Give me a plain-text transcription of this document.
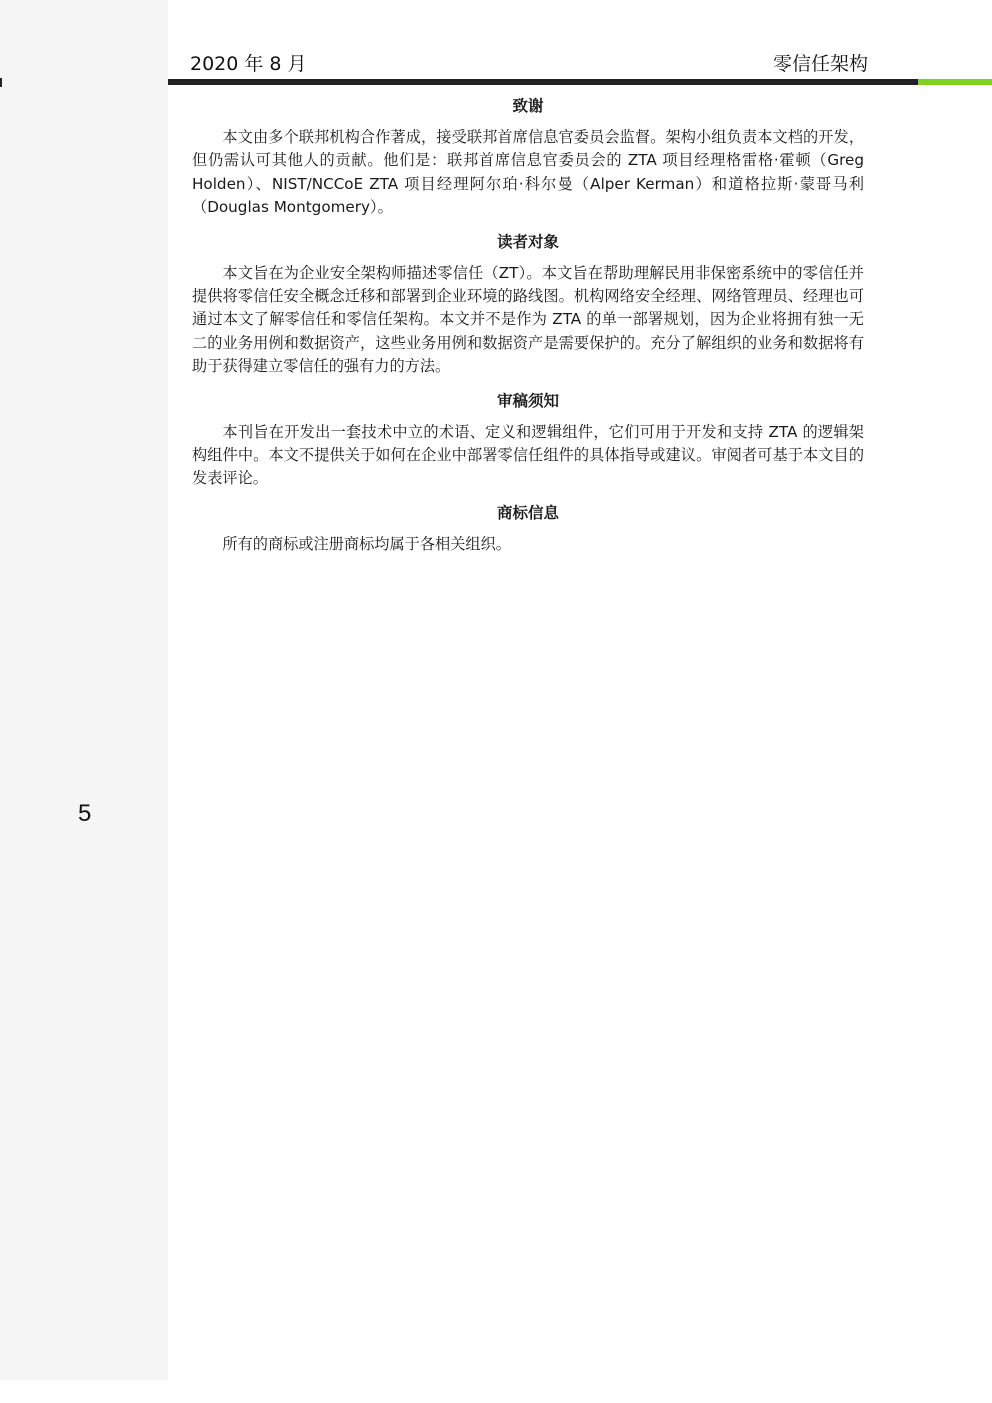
5
2020 年 8 月	零信任架构
致谢

本文由多个联邦机构合作著成，接受联邦首席信息官委员会监督。架构小组负责本文档的开发，但仍需认可其他人的贡献。他们是：联邦首席信息官委员会的 ZTA 项目经理格雷格·霍顿（Greg Holden）、NIST/NCCoE ZTA 项目经理阿尔珀·科尔曼（Alper Kerman）和道格拉斯·蒙哥马利（Douglas Montgomery）。

读者对象

本文旨在为企业安全架构师描述零信任（ZT）。本文旨在帮助理解民用非保密系统中的零信任并提供将零信任安全概念迁移和部署到企业环境的路线图。机构网络安全经理、网络管理员、经理也可通过本文了解零信任和零信任架构。本文并不是作为 ZTA 的单一部署规划，因为企业将拥有独一无二的业务用例和数据资产，这些业务用例和数据资产是需要保护的。充分了解组织的业务和数据将有助于获得建立零信任的强有力的方法。

审稿须知

本刊旨在开发出一套技术中立的术语、定义和逻辑组件，它们可用于开发和支持 ZTA 的逻辑架构组件中。本文不提供关于如何在企业中部署零信任组件的具体指导或建议。审阅者可基于本文目的发表评论。

商标信息

所有的商标或注册商标均属于各相关组织。
